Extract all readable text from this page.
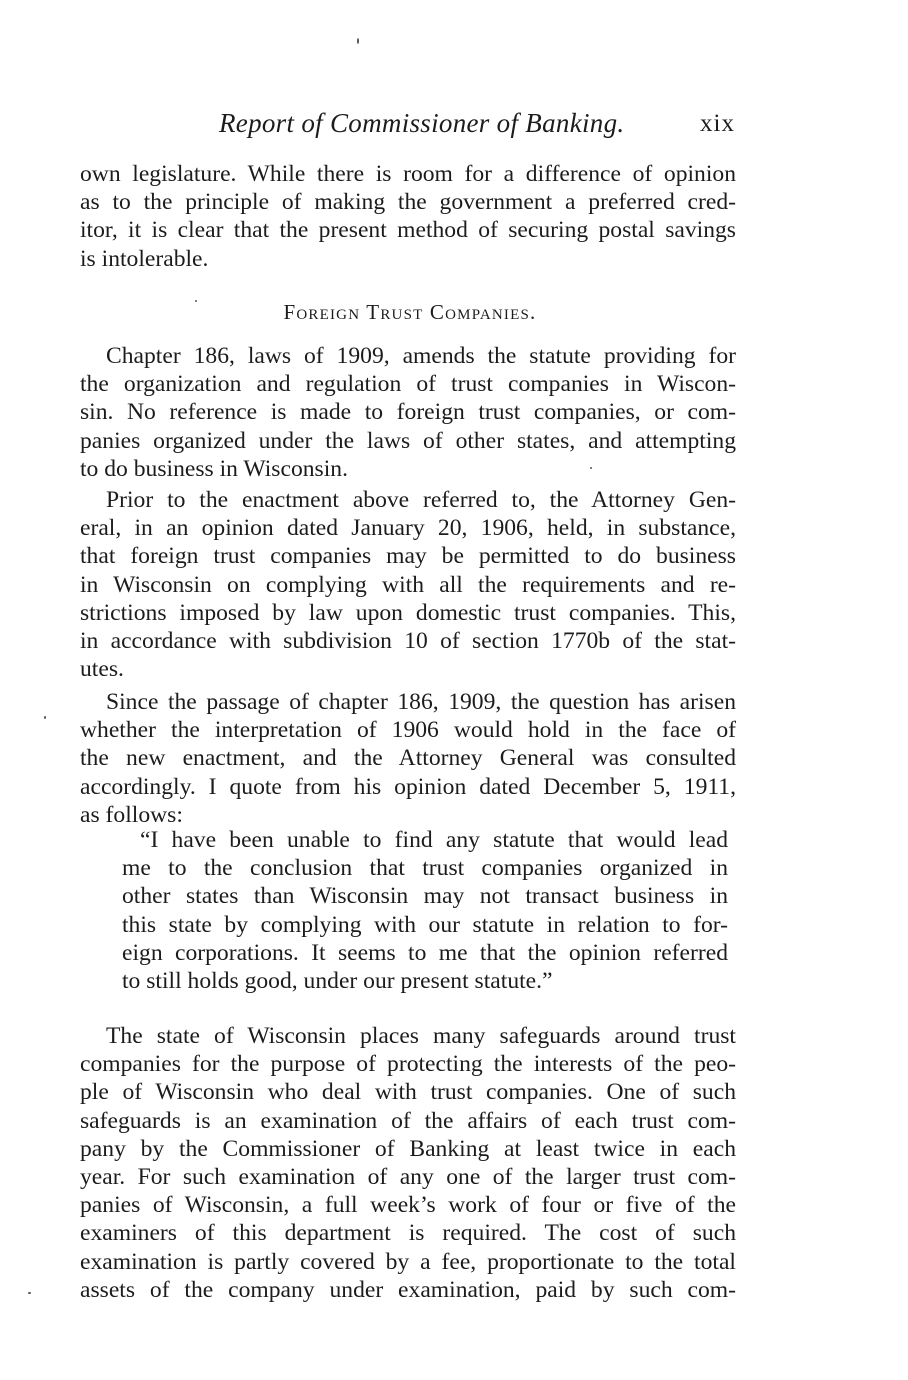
Report of Commissioner of Banking.	xix
own legislature. While there is room for a difference of opinion
as to the principle of making the government a preferred cred-
itor, it is clear that the present method of securing postal savings
is intolerable.
Foreign Trust Companies.
Chapter 186, laws of 1909, amends the statute providing for
the organization and regulation of trust companies in Wiscon-
sin. No reference is made to foreign trust companies, or com-
panies organized under the laws of other states, and attempting
to do business in Wisconsin.
Prior to the enactment above referred to, the Attorney Gen-
eral, in an opinion dated January 20, 1906, held, in substance,
that foreign trust companies may be permitted to do business
in Wisconsin on complying with all the requirements and re-
strictions imposed by law upon domestic trust companies. This,
in accordance with subdivision 10 of section 1770b of the stat-
utes.
Since the passage of chapter 186, 1909, the question has arisen
whether the interpretation of 1906 would hold in the face of
the new enactment, and the Attorney General was consulted
accordingly. I quote from his opinion dated December 5, 1911,
as follows:
“I have been unable to find any statute that would lead
me to the conclusion that trust companies organized in
other states than Wisconsin may not transact business in
this state by complying with our statute in relation to for-
eign corporations. It seems to me that the opinion referred
to still holds good, under our present statute.”
The state of Wisconsin places many safeguards around trust
companies for the purpose of protecting the interests of the peo-
ple of Wisconsin who deal with trust companies. One of such
safeguards is an examination of the affairs of each trust com-
pany by the Commissioner of Banking at least twice in each
year. For such examination of any one of the larger trust com-
panies of Wisconsin, a full week’s work of four or five of the
examiners of this department is required. The cost of such
examination is partly covered by a fee, proportionate to the total
assets of the company under examination, paid by such com-
